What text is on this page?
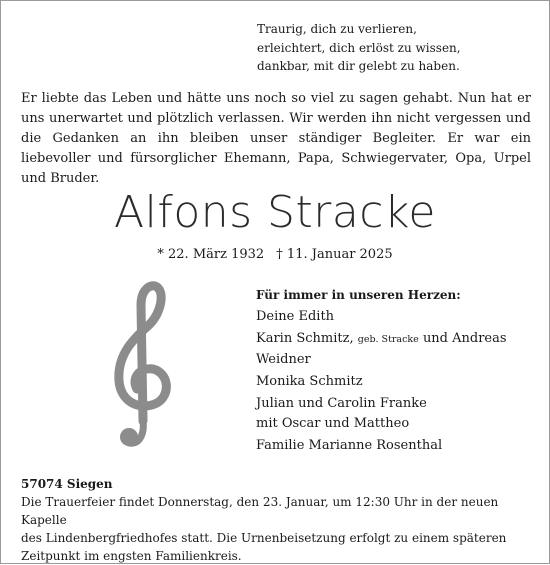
Traurig, dich zu verlieren,
erleichtert, dich erlöst zu wissen,
dankbar, mit dir gelebt zu haben.
Er liebte das Leben und hätte uns noch so viel zu sagen gehabt. Nun hat er uns unerwartet und plötzlich verlassen. Wir werden ihn nicht vergessen und die Gedanken an ihn bleiben unser ständiger Begleiter. Er war ein liebevoller und fürsorglicher Ehemann, Papa, Schwiegervater, Opa, Urpel und Bruder.
Alfons Stracke
* 22. März 1932 † 11. Januar 2025
Für immer in unseren Herzen:
Deine Edith
Karin Schmitz, geb. Stracke und Andreas
Weidner
Monika Schmitz
Julian und Carolin Franke
mit Oscar und Mattheo
Familie Marianne Rosenthal
57074 Siegen
Die Trauerfeier findet Donnerstag, den 23. Januar, um 12:30 Uhr in der neuen Kapelle
des Lindenbergfriedhofes statt. Die Urnenbeisetzung erfolgt zu einem späteren
Zeitpunkt im engsten Familienkreis.
